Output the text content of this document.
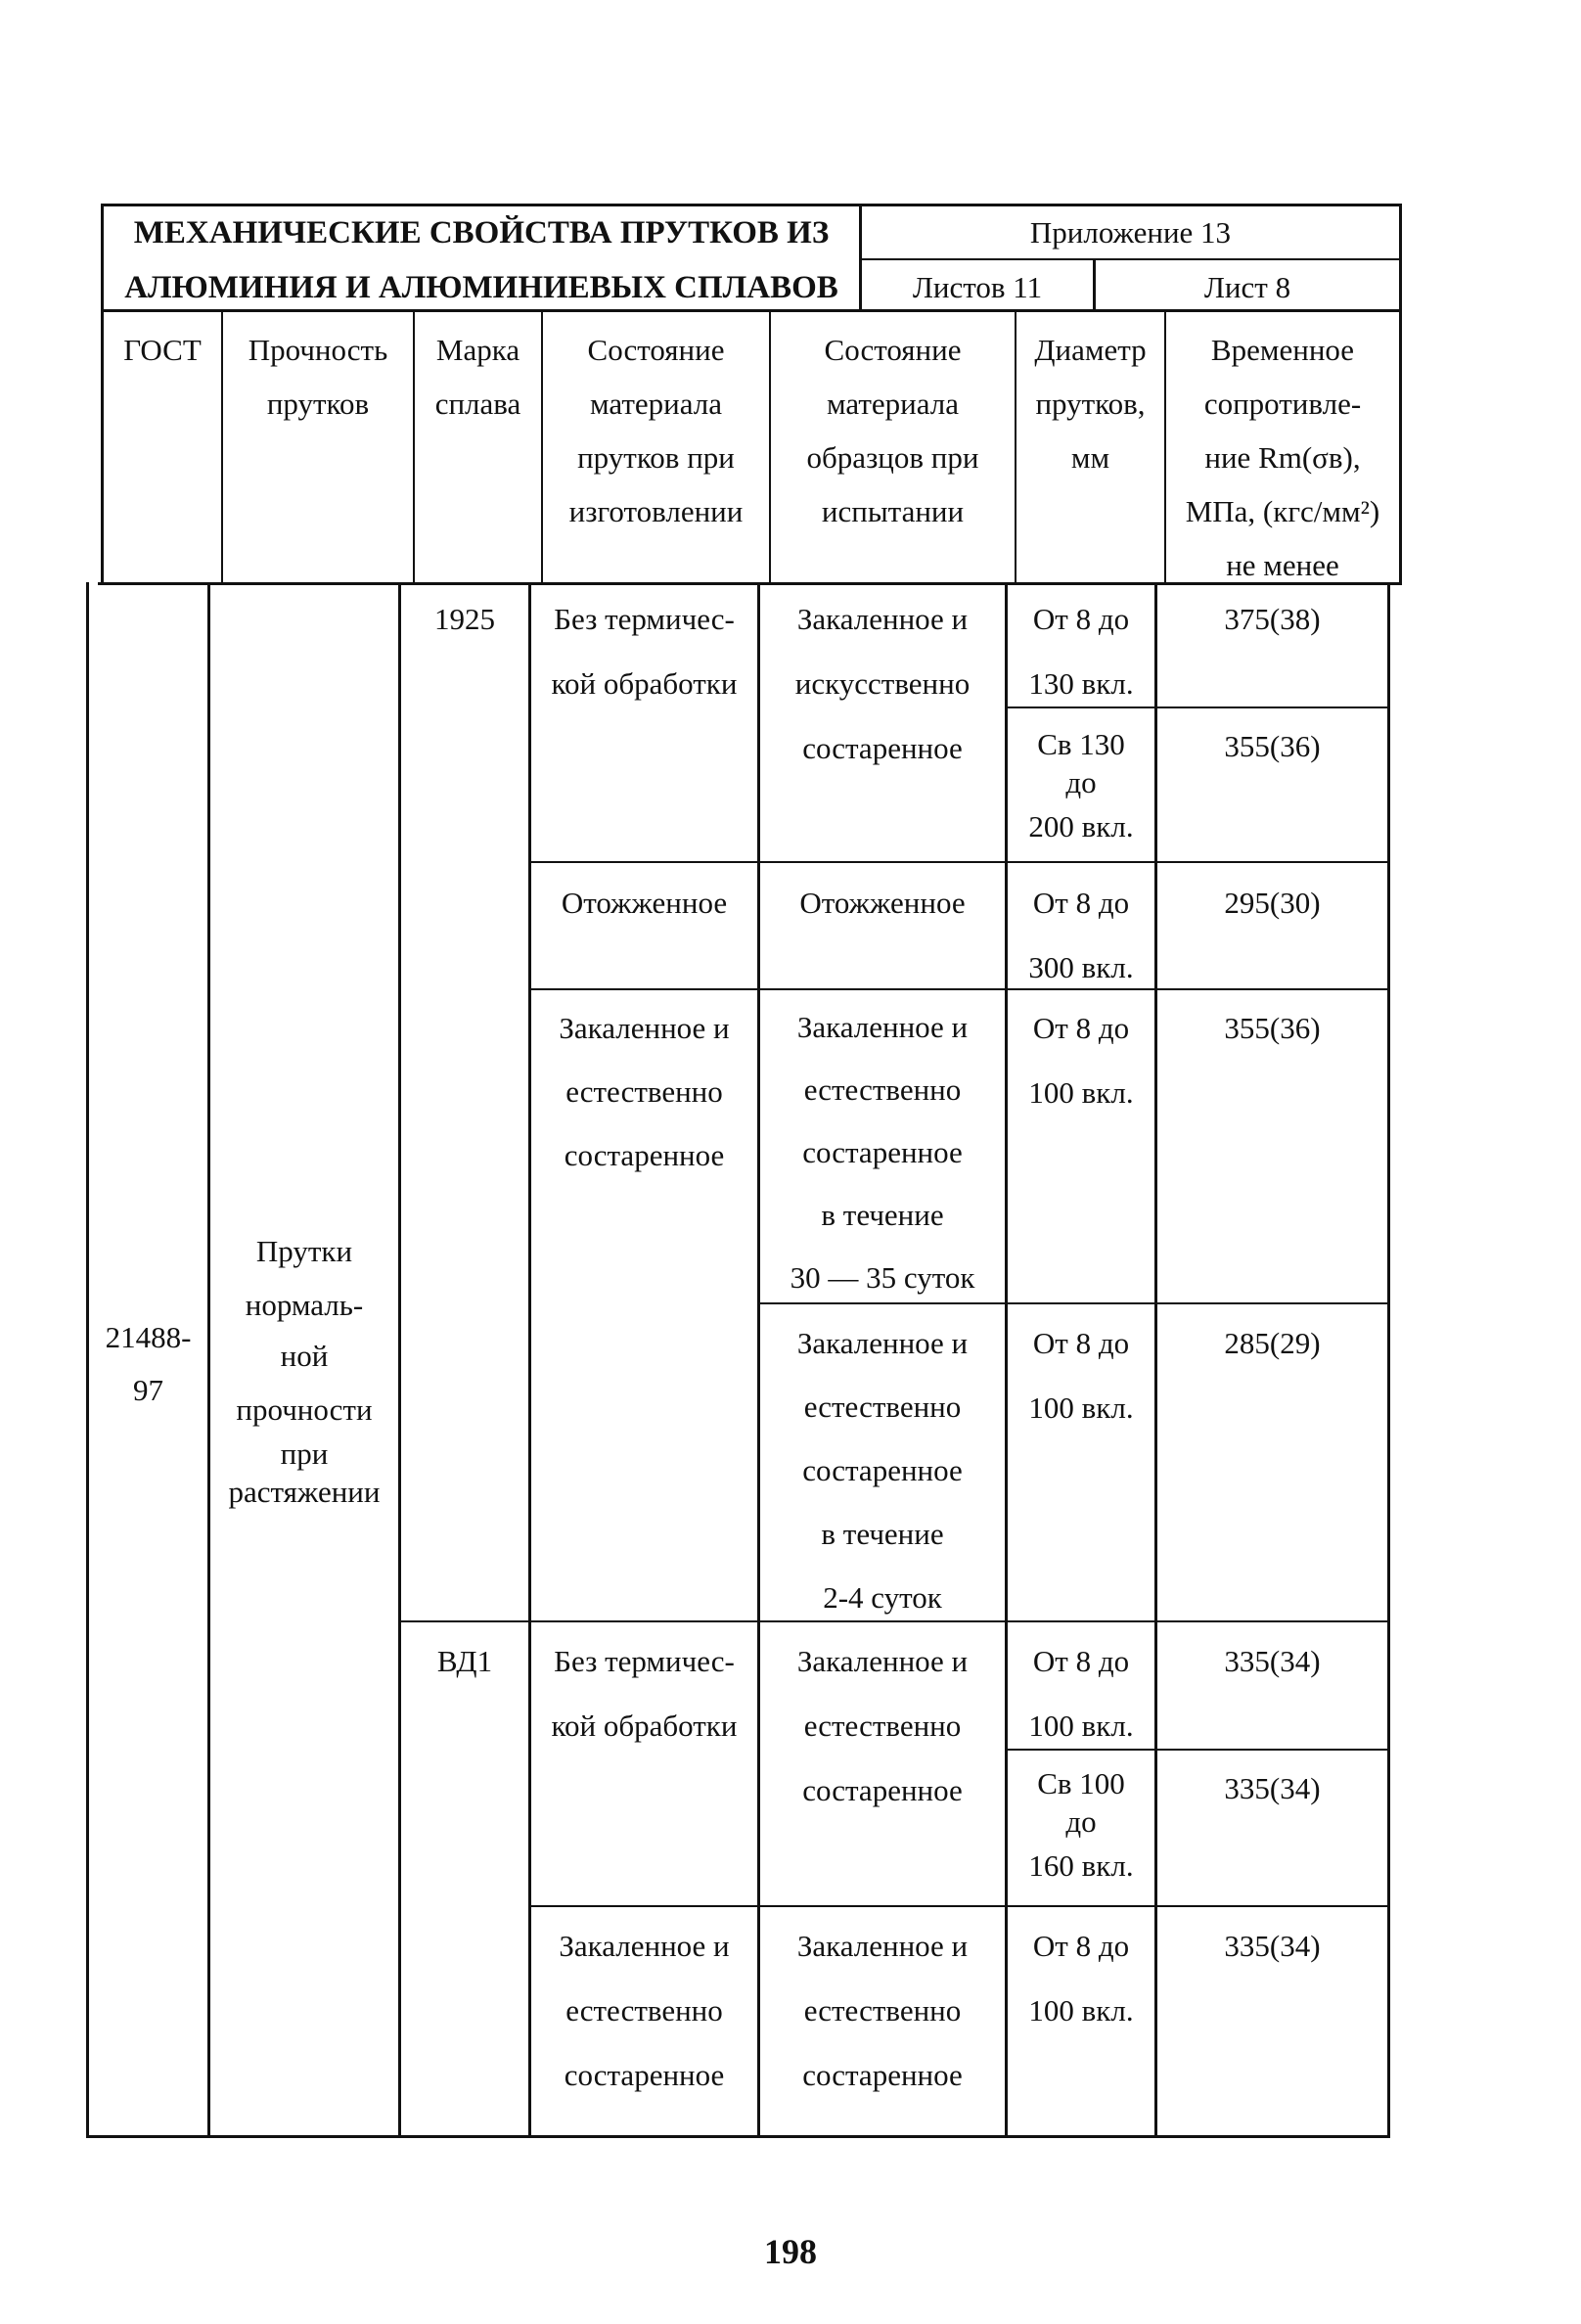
МЕХАНИЧЕСКИЕ СВОЙСТВА ПРУТКОВ ИЗ
АЛЮМИНИЯ И АЛЮМИНИЕВЫХ СПЛАВОВ
Приложение 13
Листов 11	Лист 8
ГОСТ	Прочность
прутков
Марка
сплава
Состояние
материала
прутков при
изготовлении
Состояние
материала
образцов при
испытании
Диаметр
прутков,
мм
Временное
сопротивле-
ние Rm(σв),
МПа, (кгс/мм²)
не менее
21488-
97
Прутки
нормаль-
ной
прочности
при
растяжении
1925
ВД1
Без термичес-
кой обработки
Отожженное
Закаленное и
естественно
состаренное
Без термичес-
кой обработки
Закаленное и
естественно
состаренное
Закаленное и
искусственно
состаренное
Отожженное
Закаленное и
естественно
состаренное
в течение
30 — 35 суток
Закаленное и
естественно
состаренное
в течение
2-4 суток
Закаленное и
естественно
состаренное
Закаленное и
естественно
состаренное
От 8 до
130 вкл.
Св 130
до
200 вкл.
От 8 до
300 вкл.
От 8 до
100 вкл.
От 8 до
100 вкл.
От 8 до
100 вкл.
Св 100
до
160 вкл.
От 8 до
100 вкл.
375(38)
355(36)
295(30)
355(36)
285(29)
335(34)
335(34)
335(34)
198
